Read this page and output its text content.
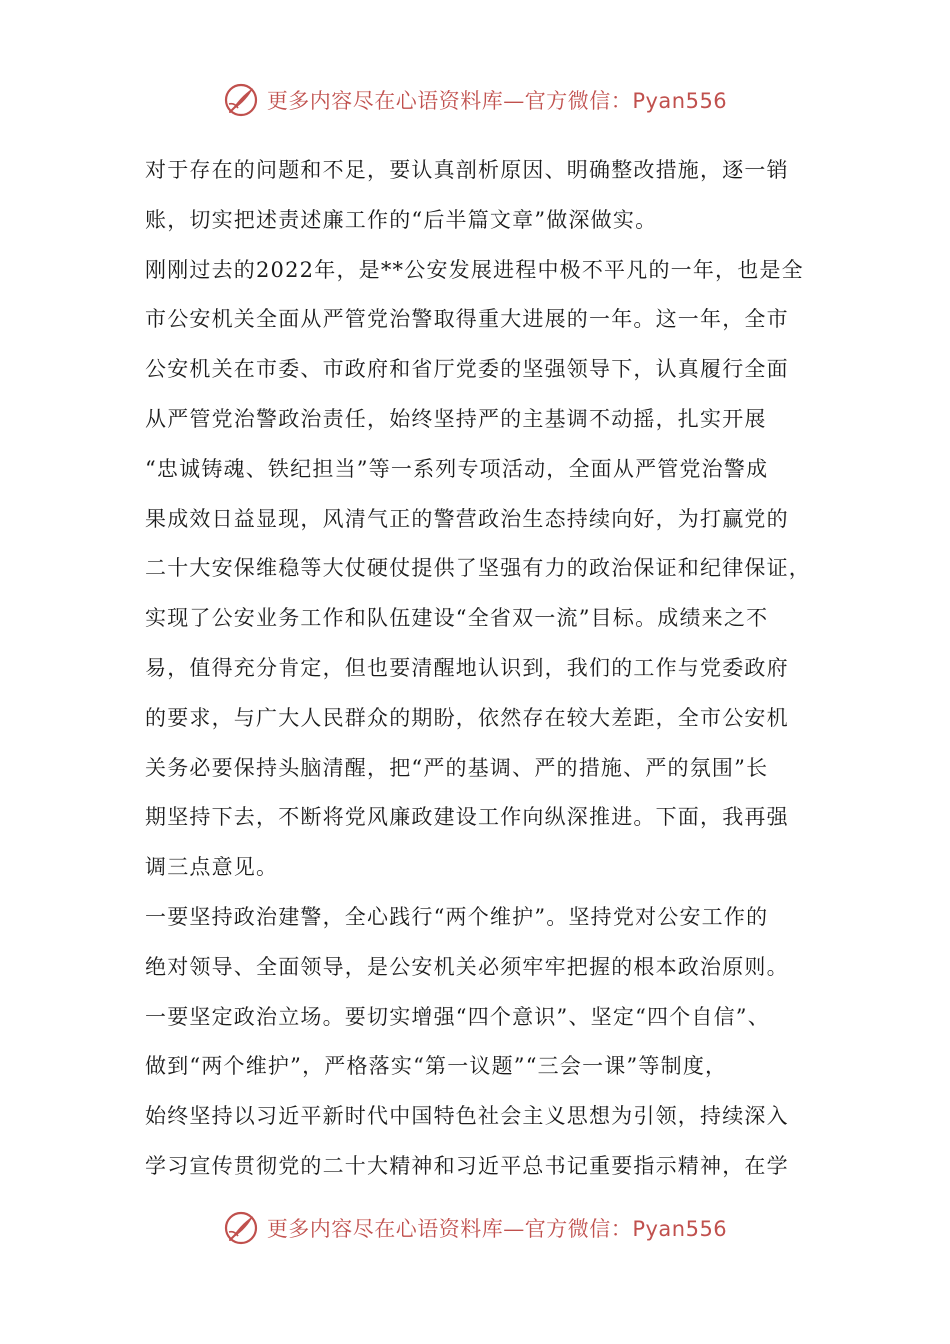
更多内容尽在心语资料库—官方微信：Pyan556
对于存在的问题和不足，要认真剖析原因、明确整改措施，逐一销
账，切实把述责述廉工作的“后半篇文章”做深做实。
刚刚过去的2022年，是**公安发展进程中极不平凡的一年，也是全
市公安机关全面从严管党治警取得重大进展的一年。这一年，全市
公安机关在市委、市政府和省厅党委的坚强领导下，认真履行全面
从严管党治警政治责任，始终坚持严的主基调不动摇，扎实开展
“忠诚铸魂、铁纪担当”等一系列专项活动，全面从严管党治警成
果成效日益显现，风清气正的警营政治生态持续向好，为打赢党的
二十大安保维稳等大仗硬仗提供了坚强有力的政治保证和纪律保证，
实现了公安业务工作和队伍建设“全省双一流”目标。成绩来之不
易，值得充分肯定，但也要清醒地认识到，我们的工作与党委政府
的要求，与广大人民群众的期盼，依然存在较大差距，全市公安机
关务必要保持头脑清醒，把“严的基调、严的措施、严的氛围”长
期坚持下去，不断将党风廉政建设工作向纵深推进。下面，我再强
调三点意见。
一要坚持政治建警，全心践行“两个维护”。坚持党对公安工作的
绝对领导、全面领导，是公安机关必须牢牢把握的根本政治原则。
一要坚定政治立场。要切实增强“四个意识”、坚定“四个自信”、
做到“两个维护”，严格落实“第一议题”“三会一课”等制度，
始终坚持以习近平新时代中国特色社会主义思想为引领，持续深入
学习宣传贯彻党的二十大精神和习近平总书记重要指示精神，在学
更多内容尽在心语资料库—官方微信：Pyan556
